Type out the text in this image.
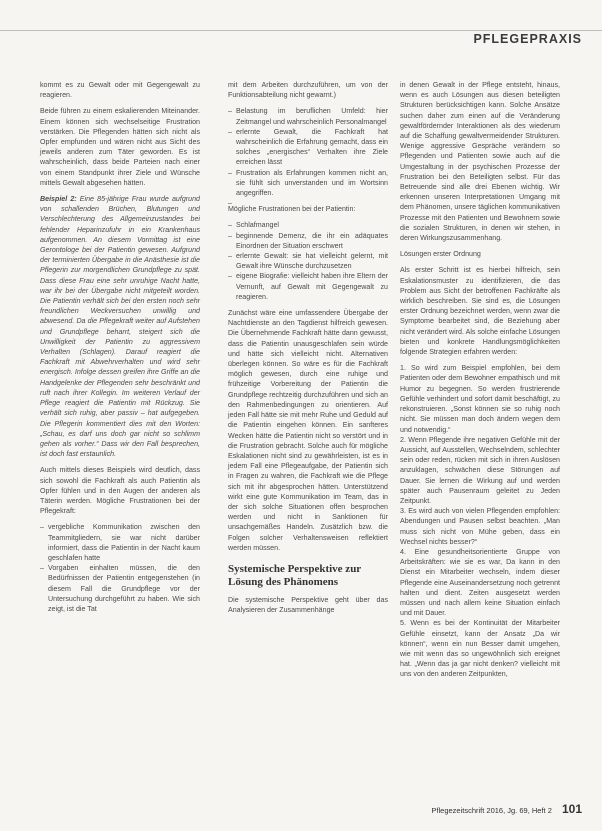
PFLEGEPRAXIS

kommt es zu Gewalt oder mit Gegengewalt zu reagieren.

Beide führen zu einem eskalierenden Miteinander. Einem können sich wechselseitige Frustration verstärken. Die Pflegenden hätten sich nicht als Opfer empfunden und wären nicht aus Sicht des jeweils anderen zum Täter geworden. Es ist wahrscheinlich, dass beide Parteien nach einer von einem Standpunkt ihrer Ziele und Wünsche mittels Gewalt abgesehen hätten.

Beispiel 2: Eine 85-jährige Frau wurde aufgrund von schallenden Brüchen, Blutungen und Verschlechterung des Allgemeinzustandes bei fehlender Heparinzufuhr in ein Krankenhaus aufgenommen. An diesem Vormittag ist eine Gerontologe bei der Patientin gewesen. Aufgrund der terminierten Übergabe in die Anästhesie ist die Pflegerin zur morgendlichen Grundpflege zu spät. Dass diese Frau eine sehr unruhige Nacht hatte, war ihr bei der Übergabe nicht mitgeteilt worden. Die Patientin verhält sich bei den ersten noch sehr freundlichen Weckversuchen unwillig und abwesend. Da die Pflegekraft weiter auf Aufstehen und Grundpflege beharrt, steigert sich die Unwilligkeit der Patientin zu aggressivem Verhalten (Schlagen). Darauf reagiert die Fachkraft mit Abwehrverhalten und wird sehr energisch. Infolge dessen greifen ihre Griffe an die Handgelenke der Pflegenden sehr beschränkt und ruft nach ihrer Kollegin. Im weiteren Verlauf der Pflege reagiert die Patientin mit Rückzug. Sie verhält sich ruhig, aber passiv – hat aufgegeben. Die Pflegerin kommentiert dies mit den Worten: „Schau, es darf uns doch gar nicht so schlimm gehen als vorher.“ Dass wir den Fall besprechen, ist doch fast erstaunlich.

Auch mittels dieses Beispiels wird deutlich, dass sich sowohl die Fachkraft als auch Patientin als Opfer fühlen und in den Augen der anderen als Täterin werden. Mögliche Frustrationen bei der Pflegekraft:

– vergebliche Kommunikation zwischen den Teammitgliedern, sie war nicht darüber informiert, dass die Patientin in der Nacht kaum geschlafen hatte
– Vorgaben einhalten müssen, die den Bedürfnissen der Patientin entgegenstehen (in diesem Fall die Grundpflege vor der Untersuchung durchgeführt zu haben. Wie sich zeigt, ist die Tat

mit dem Arbeiten durchzuführen, um von der Funktionsabteilung nicht gewarnt.)

– Belastung im beruflichen Umfeld: hier Zeitmangel und wahrscheinlich Personalmangel
– erlernte Gewalt, die Fachkraft hat wahrscheinlich die Erfahrung gemacht, dass ein solches „energisches“ Verhalten ihre Ziele erreichen lässt
– Frustration als Erfahrungen kommen nicht an, sie fühlt sich unverstanden und im Wortsinn angegriffen.

Mögliche Frustrationen bei der Patientin:

– Schlafmangel
– beginnende Demenz, die ihr ein adäquates Einordnen der Situation erschwert
– erlernte Gewalt: sie hat vielleicht gelernt, mit Gewalt ihre Wünsche durchzusetzen
– eigene Biografie: vielleicht haben ihre Eltern der Vernunft, auf Gewalt mit Gegengewalt zu reagieren.

Zunächst wäre eine umfassendere Übergabe der Nachtdienste an den Tagdienst hilfreich gewesen. Die Übernehmende Fachkraft hätte dann gewusst, dass die Patientin unausgeschlafen sein würde und hätte sich vielleicht nicht. Alternativen überlegen können. So wäre es für die Fachkraft möglich gewesen, durch eine ruhige und frühzeitige Vorbereitung der Patientin die Grundpflege rechtzeitig durchzuführen und sich an den Rahmenbedingungen zu orientieren. Auf jeden Fall hätte sie mit mehr Ruhe und Geduld auf die Patientin eingehen können. Ein sanfteres Wecken hätte die Patientin nicht so verstört und in die Frustration gebracht. Solche auch für mögliche Eskalationen nicht sind zu gewährleisten, ist es in jedem Fall eine Pflegeaufgabe, der Patientin sich in Fragen zu wahren, die Fachkraft wie die Pflege sich mit ihr abgesprochen hätten. Unterstützend wirkt eine gute Kommunikation im Team, das in der sich solche Situationen offen besprochen werden und nicht in Sanktionen für unsachgemäßes Handeln. Zusätzlich bzw. die Folgen solcher Verhaltensweisen reflektiert werden müssen.

Systemische Perspektive zur Lösung des Phänomens

Die systemische Perspektive geht über das Analysieren der Zusammenhänge

in denen Gewalt in der Pflege entsteht, hinaus, wenn es auch Lösungen aus diesen beteiligten Strukturen berücksichtigen kann. Solche Ansätze suchen daher zum einen auf die Veränderung gewaltfördernder Interaktionen als des wiederum auf die Schaffung gewaltvermeidender Strukturen. Wenige aggressive Gespräche verändern so Pflegenden und Patienten sowie auch auf die Umgestaltung in der psychischen Prozesse der Frustration bei den Beteiligten selbst. Für das Betreuende sind alle drei Ebenen wichtig. Wir erkennen unseren Interpretationen Umgang mit dem Phänomen, unsere täglichen kommunikativen Prozesse mit den Patienten und Bewohnern sowie die sozialen Strukturen, in denen wir stehen, in deren Wirkungszusammenhang.

Lösungen erster Ordnung

Als erster Schritt ist es hierbei hilfreich, sein Eskalationsmuster zu identifizieren, die das Problem aus Sicht der betroffenen Fachkräfte als wirklich beschreiben. Sie sind es, die Lösungen erster Ordnung bezeichnet werden, wenn zwar die Symptome bearbeitet sind, die Beziehung aber nicht verändert wird. Als solche einfache Lösungen bieten und konkrete Handlungsmöglichkeiten folgende Strategien erfahren werden:

1. So wird zum Beispiel empfohlen, bei dem Patienten oder dem Bewohner empathisch und mit Humor zu begegnen. So werden frustrierende Gefühle verhindert und sofort damit beschäftigt, zu rekonstruieren. „Sonst können sie so ruhig noch nicht. Sie müssen man doch ändern wegen dem und notwendig.“
2. Wenn Pflegende ihre negativen Gefühle mit der Aussicht, auf Ausstellen, Wechselndem, schlechter sein oder reden, rücken mit sich in ihren Auslösen anzuklagen, schwächen diese Störungen auf Dauer. Sie lernen die Wirkung auf und werden später auch Pausenraum geleitet zu Jeden Zeitpunkt.
3. Es wird auch von vielen Pflegenden empfohlen: Abendungen und Pausen selbst beachten. „Man muss sich nicht von Mühe geben, dass ein Wechsel nichts besser?“
4. Eine gesundheitsorientierte Gruppe von Arbeitskräften: wie sie es war, Da kann in den Dienst ein Mitarbeiter wechseln, indem dieser Pflegende eine Auseinandersetzung noch getrennt halten und dient. Zeiten ausgesetzt werden müssen und nach allem keine Situation einfach und mit Dauer.
5. Wenn es bei der Kontinuität der Mitarbeiter Gefühle einsetzt, kann der Ansatz „Da wir können“, wenn ein nun Besser damit umgehen, wie mit wenn das so ungewöhnlich sich ereignet hat. „Wenn das ja gar nicht denken? vielleicht mit uns von den anderen Zeitpunkten,
Pflegezeitschrift 2016, Jg. 69, Heft 2 101
